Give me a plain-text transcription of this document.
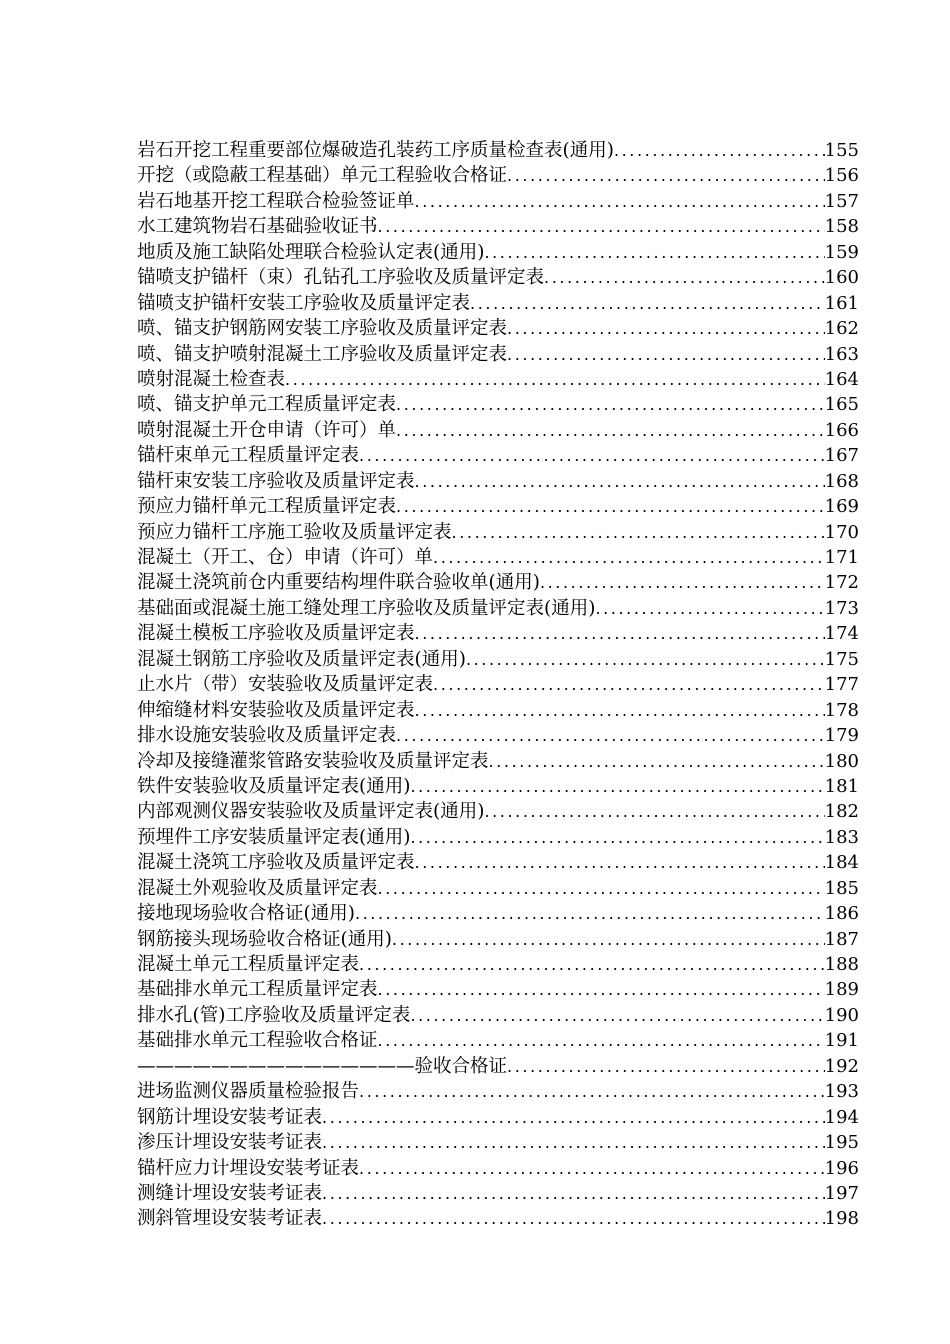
岩石开挖工程重要部位爆破造孔装药工序质量检查表(通用) .....	155
开挖（或隐蔽工程基础）单元工程验收合格证 .....	156
岩石地基开挖工程联合检验签证单 .....	157
水工建筑物岩石基础验收证书 .....	158
地质及施工缺陷处理联合检验认定表(通用) .....	159
锚喷支护锚杆（束）孔钻孔工序验收及质量评定表 .....	160
锚喷支护锚杆安装工序验收及质量评定表 .....	161
喷、锚支护钢筋网安装工序验收及质量评定表 .....	162
喷、锚支护喷射混凝土工序验收及质量评定表 .....	163
喷射混凝土检查表 .....	164
喷、锚支护单元工程质量评定表 .....	165
喷射混凝土开仓申请（许可）单 .....	166
锚杆束单元工程质量评定表 .....	167
锚杆束安装工序验收及质量评定表 .....	168
预应力锚杆单元工程质量评定表 .....	169
预应力锚杆工序施工验收及质量评定表 .....	170
混凝土（开工、仓）申请（许可）单 .....	171
混凝土浇筑前仓内重要结构埋件联合验收单(通用) .....	172
基础面或混凝土施工缝处理工序验收及质量评定表(通用) .....	173
混凝土模板工序验收及质量评定表 .....	174
混凝土钢筋工序验收及质量评定表(通用) .....	175
止水片（带）安装验收及质量评定表 .....	177
伸缩缝材料安装验收及质量评定表 .....	178
排水设施安装验收及质量评定表 .....	179
冷却及接缝灌浆管路安装验收及质量评定表 .....	180
铁件安装验收及质量评定表(通用) .....	181
内部观测仪器安装验收及质量评定表(通用) .....	182
预埋件工序安装质量评定表(通用) .....	183
混凝土浇筑工序验收及质量评定表 .....	184
混凝土外观验收及质量评定表 .....	185
接地现场验收合格证(通用) .....	186
钢筋接头现场验收合格证(通用) .....	187
混凝土单元工程质量评定表 .....	188
基础排水单元工程质量评定表 .....	189
排水孔(管)工序验收及质量评定表 .....	190
基础排水单元工程验收合格证 .....	191
———————————————验收合格证 .....	192
进场监测仪器质量检验报告 .....	193
钢筋计埋设安装考证表 .....	194
渗压计埋设安装考证表 .....	195
锚杆应力计埋设安装考证表 .....	196
测缝计埋设安装考证表 .....	197
测斜管埋设安装考证表 .....	198
